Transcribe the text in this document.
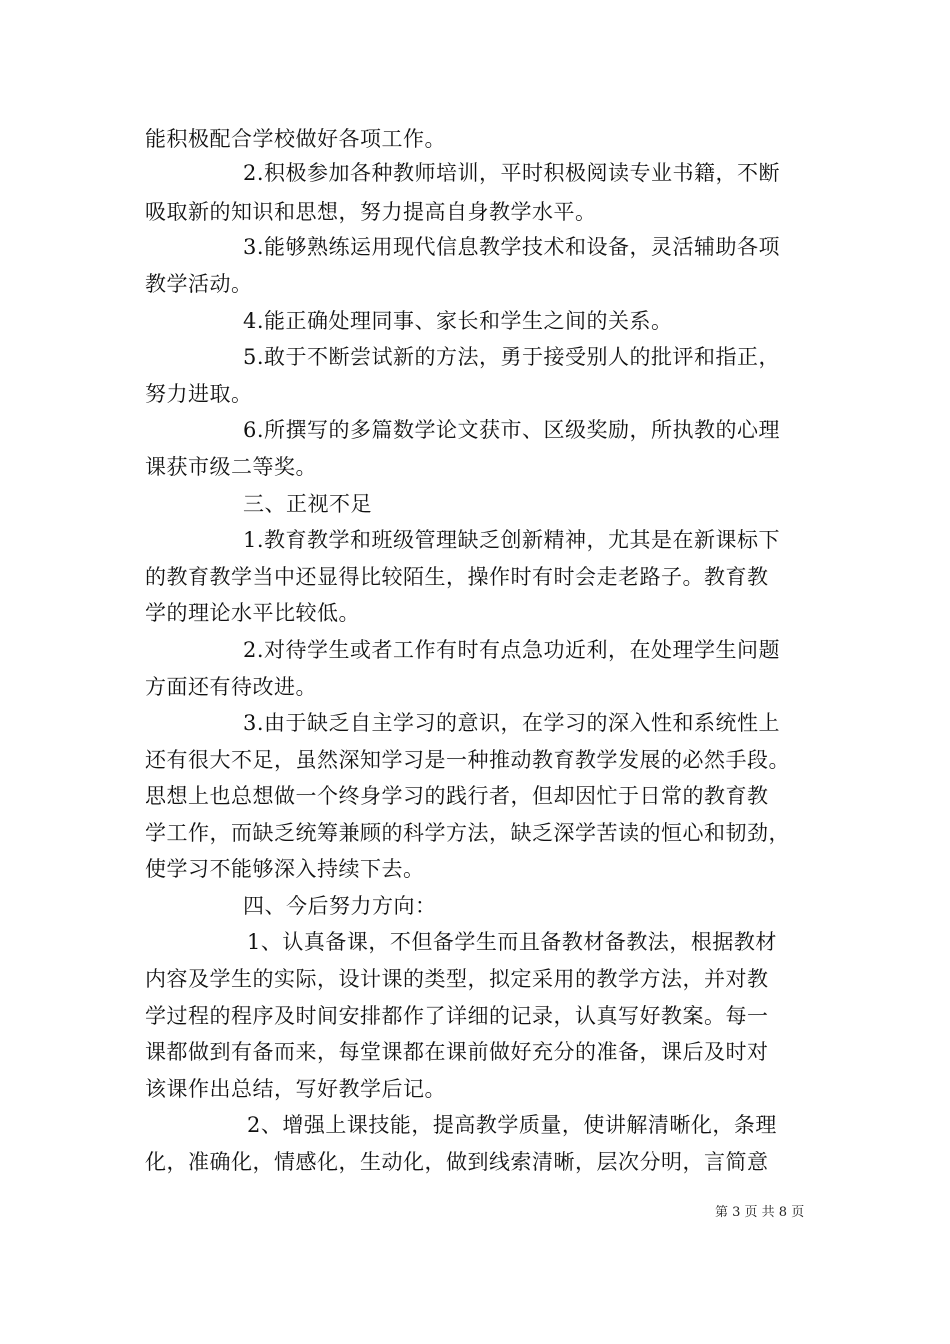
能积极配合学校做好各项工作。
2.积极参加各种教师培训，平时积极阅读专业书籍，不断
吸取新的知识和思想，努力提高自身教学水平。
3.能够熟练运用现代信息教学技术和设备，灵活辅助各项
教学活动。
4.能正确处理同事、家长和学生之间的关系。
5.敢于不断尝试新的方法，勇于接受别人的批评和指正，
努力进取。
6.所撰写的多篇数学论文获市、区级奖励，所执教的心理
课获市级二等奖。
三、正视不足
1.教育教学和班级管理缺乏创新精神，尤其是在新课标下
的教育教学当中还显得比较陌生，操作时有时会走老路子。教育教
学的理论水平比较低。
2.对待学生或者工作有时有点急功近利，在处理学生问题
方面还有待改进。
3.由于缺乏自主学习的意识，在学习的深入性和系统性上
还有很大不足，虽然深知学习是一种推动教育教学发展的必然手段。
思想上也总想做一个终身学习的践行者，但却因忙于日常的教育教
学工作，而缺乏统筹兼顾的科学方法，缺乏深学苦读的恒心和韧劲，
使学习不能够深入持续下去。
四、今后努力方向：
1、认真备课，不但备学生而且备教材备教法，根据教材
内容及学生的实际，设计课的类型，拟定采用的教学方法，并对教
学过程的程序及时间安排都作了详细的记录，认真写好教案。每一
课都做到有备而来，每堂课都在课前做好充分的准备，课后及时对
该课作出总结，写好教学后记。
2、增强上课技能，提高教学质量，使讲解清晰化，条理
化，准确化，情感化，生动化，做到线索清晰，层次分明，言简意
第 3 页 共 8 页
